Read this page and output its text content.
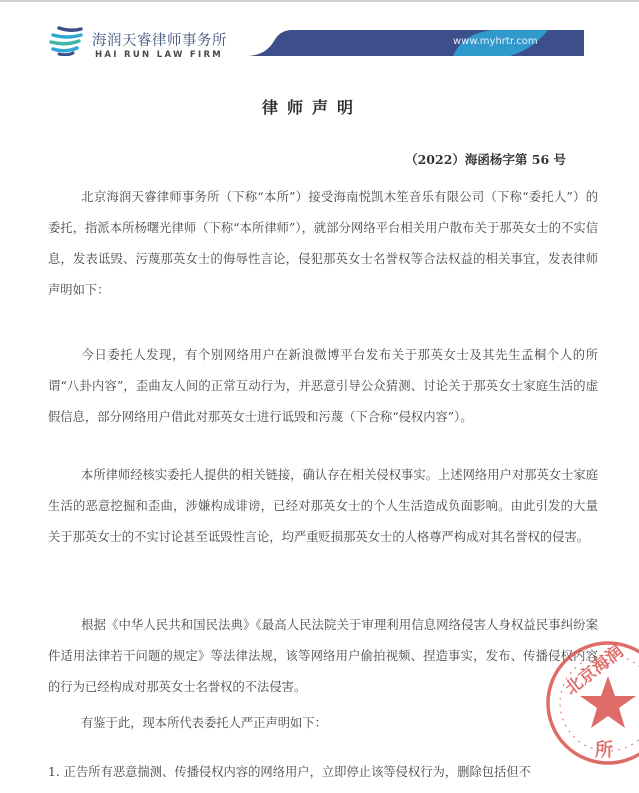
海润天睿律师事务所
HAI RUN LAW FIRM
www.myhrtr.com
律师声明
（2022）海函杨字第 56 号
北京海润天睿律师事务所（下称“本所”）接受海南悦凯木笙音乐有限公司（下称“委托人”）的委托，指派本所杨曙光律师（下称“本所律师”），就部分网络平台相关用户散布关于那英女士的不实信息，发表诋毁、污蔑那英女士的侮辱性言论，侵犯那英女士名誉权等合法权益的相关事宜，发表律师声明如下：
今日委托人发现，有个别网络用户在新浪微博平台发布关于那英女士及其先生孟桐个人的所谓“八卦内容”，歪曲友人间的正常互动行为，并恶意引导公众猜测、讨论关于那英女士家庭生活的虚假信息，部分网络用户借此对那英女士进行诋毁和污蔑（下合称“侵权内容”）。
本所律师经核实委托人提供的相关链接，确认存在相关侵权事实。上述网络用户对那英女士家庭生活的恶意挖掘和歪曲，涉嫌构成诽谤，已经对那英女士的个人生活造成负面影响。由此引发的大量关于那英女士的不实讨论甚至诋毁性言论，均严重贬损那英女士的人格尊严构成对其名誉权的侵害。
根据《中华人民共和国民法典》《最高人民法院关于审理利用信息网络侵害人身权益民事纠纷案件适用法律若干问题的规定》等法律法规，该等网络用户偷拍视频、捏造事实，发布、传播侵权内容的行为已经构成对那英女士名誉权的不法侵害。
有鉴于此，现本所代表委托人严正声明如下：
1. 正告所有恶意揣测、传播侵权内容的网络用户，立即停止该等侵权行为，删除包括但不
北京海润
所
